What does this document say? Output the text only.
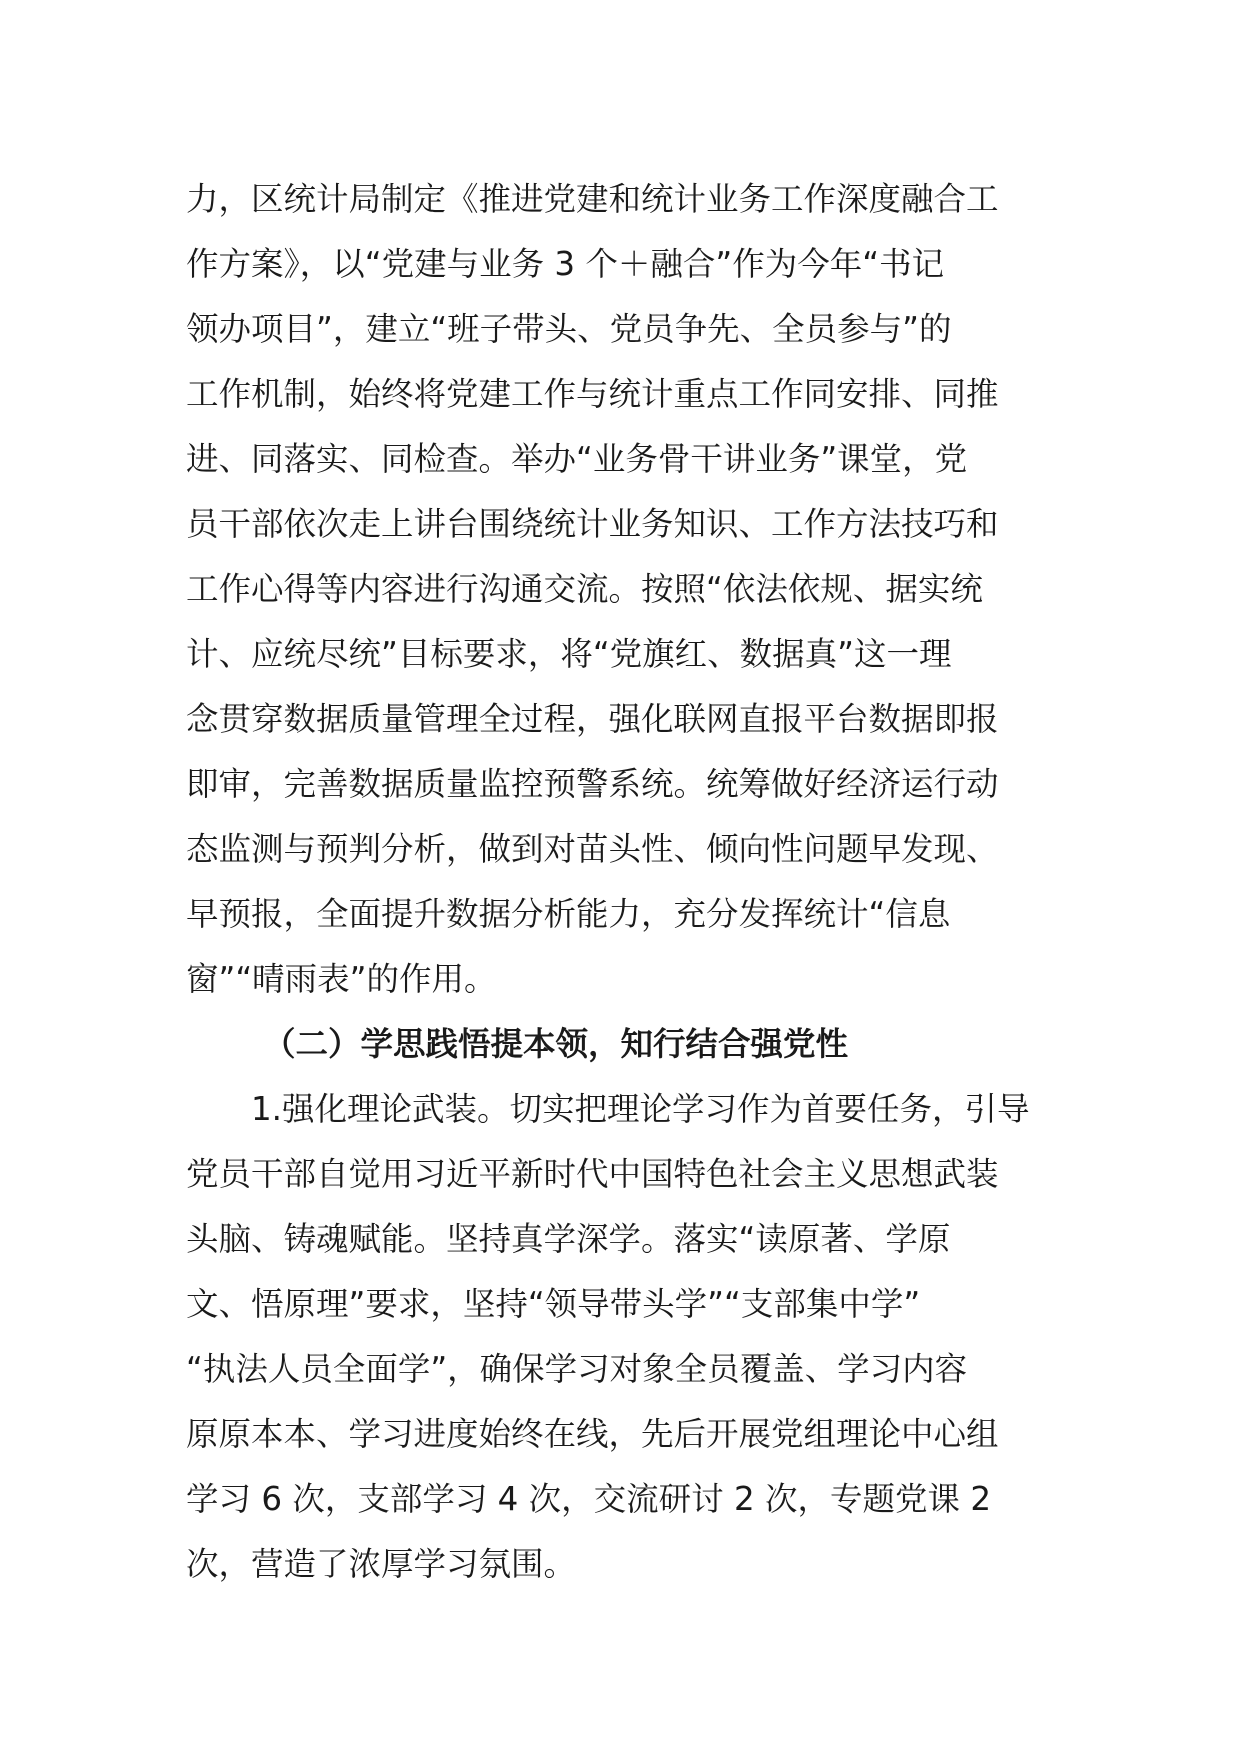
力，区统计局制定《推进党建和统计业务工作深度融合工

作方案》，以“党建与业务 3 个＋融合”作为今年“书记

领办项目”，建立“班子带头、党员争先、全员参与”的

工作机制，始终将党建工作与统计重点工作同安排、同推

进、同落实、同检查。举办“业务骨干讲业务”课堂，党

员干部依次走上讲台围绕统计业务知识、工作方法技巧和

工作心得等内容进行沟通交流。按照“依法依规、据实统

计、应统尽统”目标要求，将“党旗红、数据真”这一理

念贯穿数据质量管理全过程，强化联网直报平台数据即报

即审，完善数据质量监控预警系统。统筹做好经济运行动

态监测与预判分析，做到对苗头性、倾向性问题早发现、

早预报，全面提升数据分析能力，充分发挥统计“信息

窗”“晴雨表”的作用。

（二）学思践悟提本领，知行结合强党性

1.强化理论武装。切实把理论学习作为首要任务，引导

党员干部自觉用习近平新时代中国特色社会主义思想武装

头脑、铸魂赋能。坚持真学深学。落实“读原著、学原

文、悟原理”要求，坚持“领导带头学”“支部集中学”

“执法人员全面学”，确保学习对象全员覆盖、学习内容

原原本本、学习进度始终在线，先后开展党组理论中心组

学习 6 次，支部学习 4 次，交流研讨 2 次，专题党课 2

次，营造了浓厚学习氛围。
